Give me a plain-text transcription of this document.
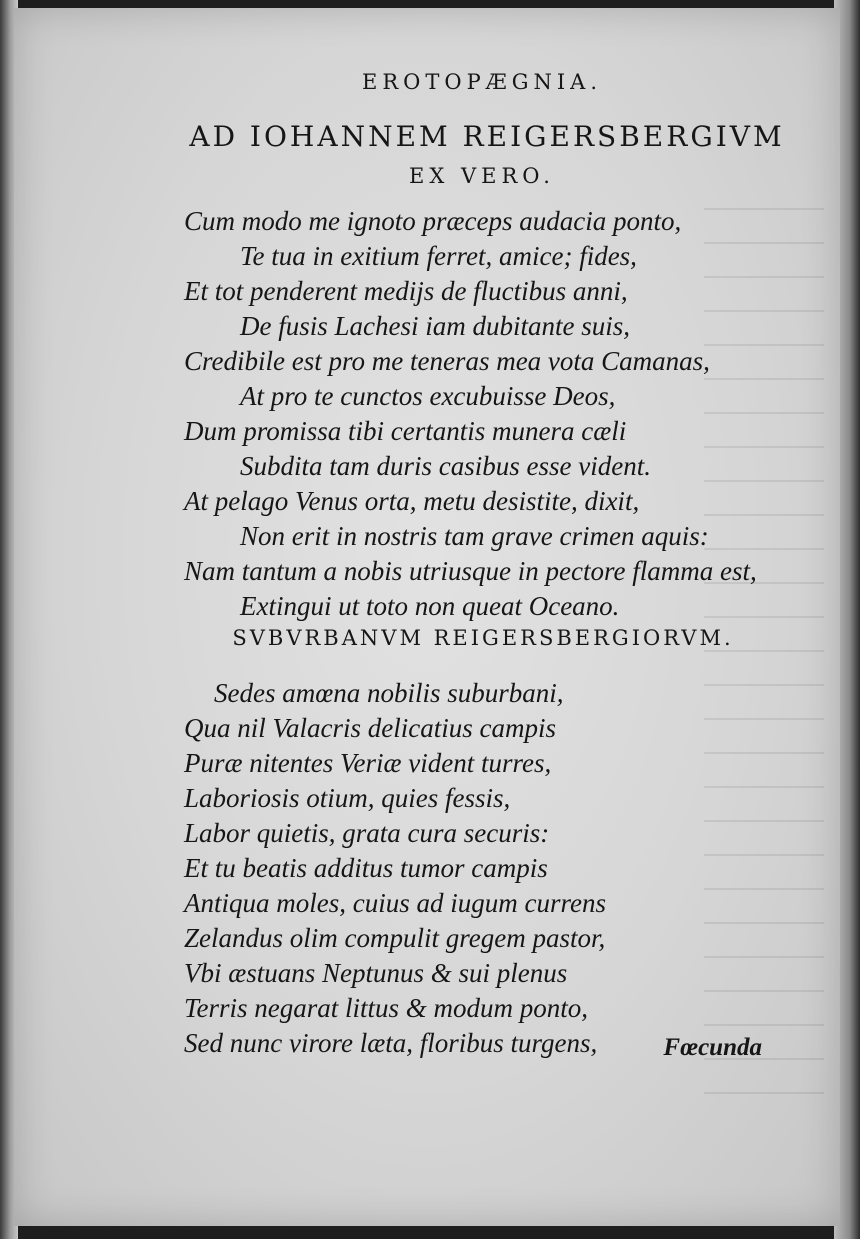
EROTOPÆGNIA.
AD IOHANNEM REIGERSBERGIVM
EX VERO.
Cum modo me ignoto præceps audacia ponto,
Te tua in exitium ferret, amice; fides,
Et tot penderent medijs de fluctibus anni,
De fusis Lachesi iam dubitante suis,
Credibile est pro me teneras mea vota Camanas,
At pro te cunctos excubuisse Deos,
Dum promissa tibi certantis munera cæli
Subdita tam duris casibus esse vident.
At pelago Venus orta, metu desistite, dixit,
Non erit in nostris tam grave crimen aquis:
Nam tantum a nobis utriusque in pectore flamma est,
Extingui ut toto non queat Oceano.
SVBVRBANVM REIGERSBERGIORVM.
Sedes amœna nobilis suburbani,
Qua nil Valacris delicatius campis
Puræ nitentes Veriæ vident turres,
Laboriosis otium, quies fessis,
Labor quietis, grata cura securis:
Et tu beatis additus tumor campis
Antiqua moles, cuius ad iugum currens
Zelandus olim compulit gregem pastor,
Vbi æstuans Neptunus & sui plenus
Terris negarat littus & modum ponto,
Sed nunc virore læta, floribus turgens,	Fœcunda
